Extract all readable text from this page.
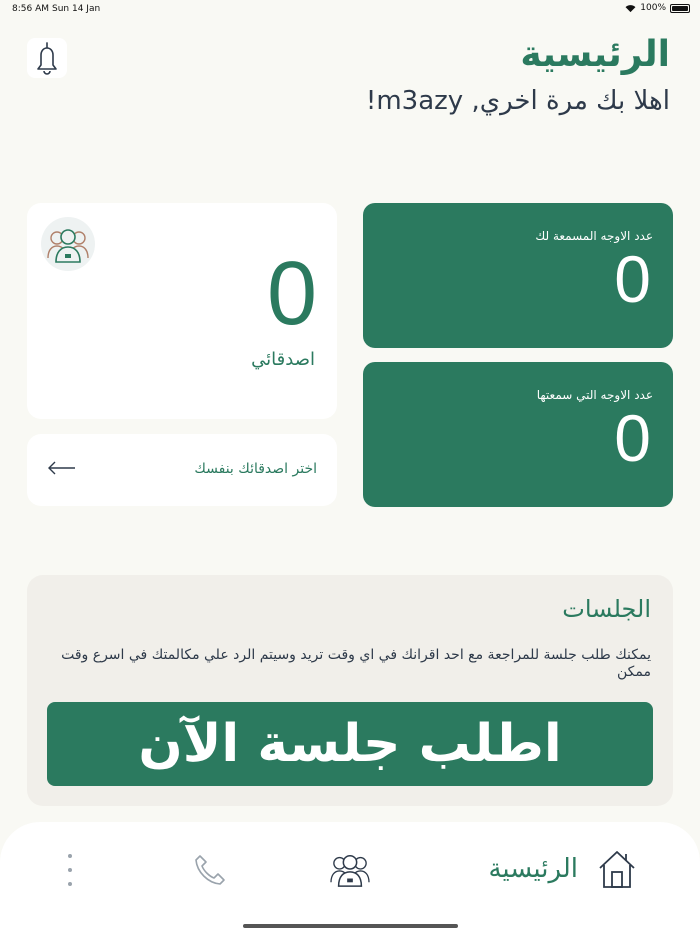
8:56 AM Sun 14 Jan	100%
الرئيسية
اهلا بك مرة اخري, m3azy!
عدد الاوجه المسمعة لك
0
عدد الاوجه التي سمعتها
0
0
اصدقائي
اختر اصدقائك بنفسك
الجلسات
يمكنك طلب جلسة للمراجعة مع احد اقرانك في اي وقت تريد وسيتم الرد علي مكالمتك في اسرع وقت ممكن
اطلب جلسة الآن
الرئيسية
